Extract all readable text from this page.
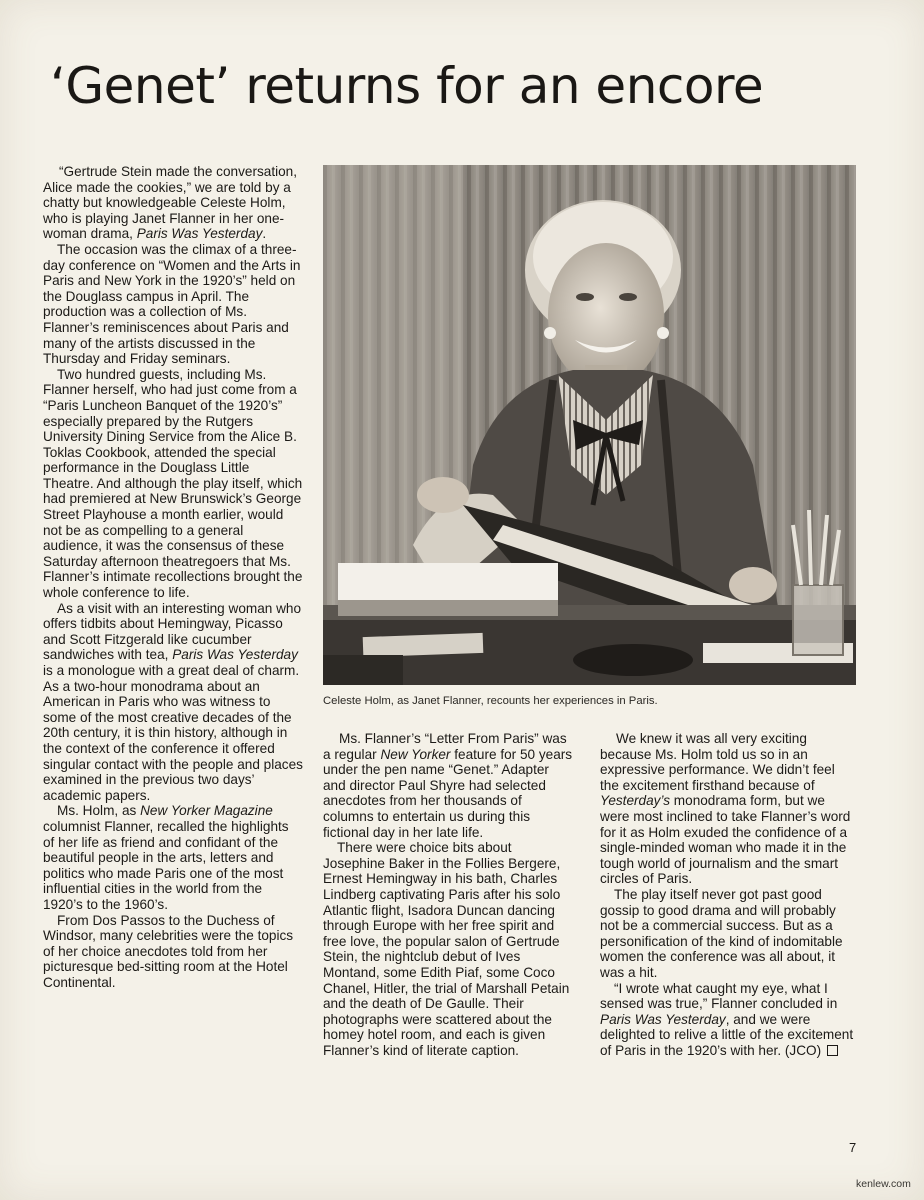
‘Genet’ returns for an encore

“Gertrude Stein made the conversation, Alice made the cookies,” we are told by a chatty but knowledgeable Celeste Holm, who is playing Janet Flanner in her one-woman drama, Paris Was Yesterday.

The occasion was the climax of a three-day conference on “Women and the Arts in Paris and New York in the 1920’s” held on the Douglass campus in April. The production was a collection of Ms. Flanner’s reminiscences about Paris and many of the artists discussed in the Thursday and Friday seminars.

Two hundred guests, including Ms. Flanner herself, who had just come from a “Paris Luncheon Banquet of the 1920’s” especially prepared by the Rutgers University Dining Service from the Alice B. Toklas Cookbook, attended the special performance in the Douglass Little Theatre. And although the play itself, which had premiered at New Brunswick’s George Street Playhouse a month earlier, would not be as compelling to a general audience, it was the consensus of these Saturday afternoon theatregoers that Ms. Flanner’s intimate recollections brought the whole conference to life.

As a visit with an interesting woman who offers tidbits about Hemingway, Picasso and Scott Fitzgerald like cucumber sandwiches with tea, Paris Was Yesterday is a monologue with a great deal of charm. As a two-hour monodrama about an American in Paris who was witness to some of the most creative decades of the 20th century, it is thin history, although in the context of the conference it offered singular contact with the people and places examined in the previous two days’ academic papers.

Ms. Holm, as New Yorker Magazine columnist Flanner, recalled the highlights of her life as friend and confidant of the beautiful people in the arts, letters and politics who made Paris one of the most influential cities in the world from the 1920’s to the 1960’s.

From Dos Passos to the Duchess of Windsor, many celebrities were the topics of her choice anecdotes told from her picturesque bed-sitting room at the Hotel Continental.

Celeste Holm, as Janet Flanner, recounts her experiences in Paris.

Ms. Flanner’s “Letter From Paris” was a regular New Yorker feature for 50 years under the pen name “Genet.” Adapter and director Paul Shyre had selected anecdotes from her thousands of columns to entertain us during this fictional day in her late life.

There were choice bits about Josephine Baker in the Follies Bergere, Ernest Hemingway in his bath, Charles Lindberg captivating Paris after his solo Atlantic flight, Isadora Duncan dancing through Europe with her free spirit and free love, the popular salon of Gertrude Stein, the nightclub debut of Ives Montand, some Edith Piaf, some Coco Chanel, Hitler, the trial of Marshall Petain and the death of De Gaulle. Their photographs were scattered about the homey hotel room, and each is given Flanner’s kind of literate caption.

We knew it was all very exciting because Ms. Holm told us so in an expressive performance. We didn’t feel the excitement firsthand because of Yesterday’s monodrama form, but we were most inclined to take Flanner’s word for it as Holm exuded the confidence of a single-minded woman who made it in the tough world of journalism and the smart circles of Paris.

The play itself never got past good gossip to good drama and will probably not be a commercial success. But as a personification of the kind of indomitable women the conference was all about, it was a hit.

“I wrote what caught my eye, what I sensed was true,” Flanner concluded in Paris Was Yesterday, and we were delighted to relive a little of the excitement of Paris in the 1920’s with her. (JCO)

7
kenlew.com
